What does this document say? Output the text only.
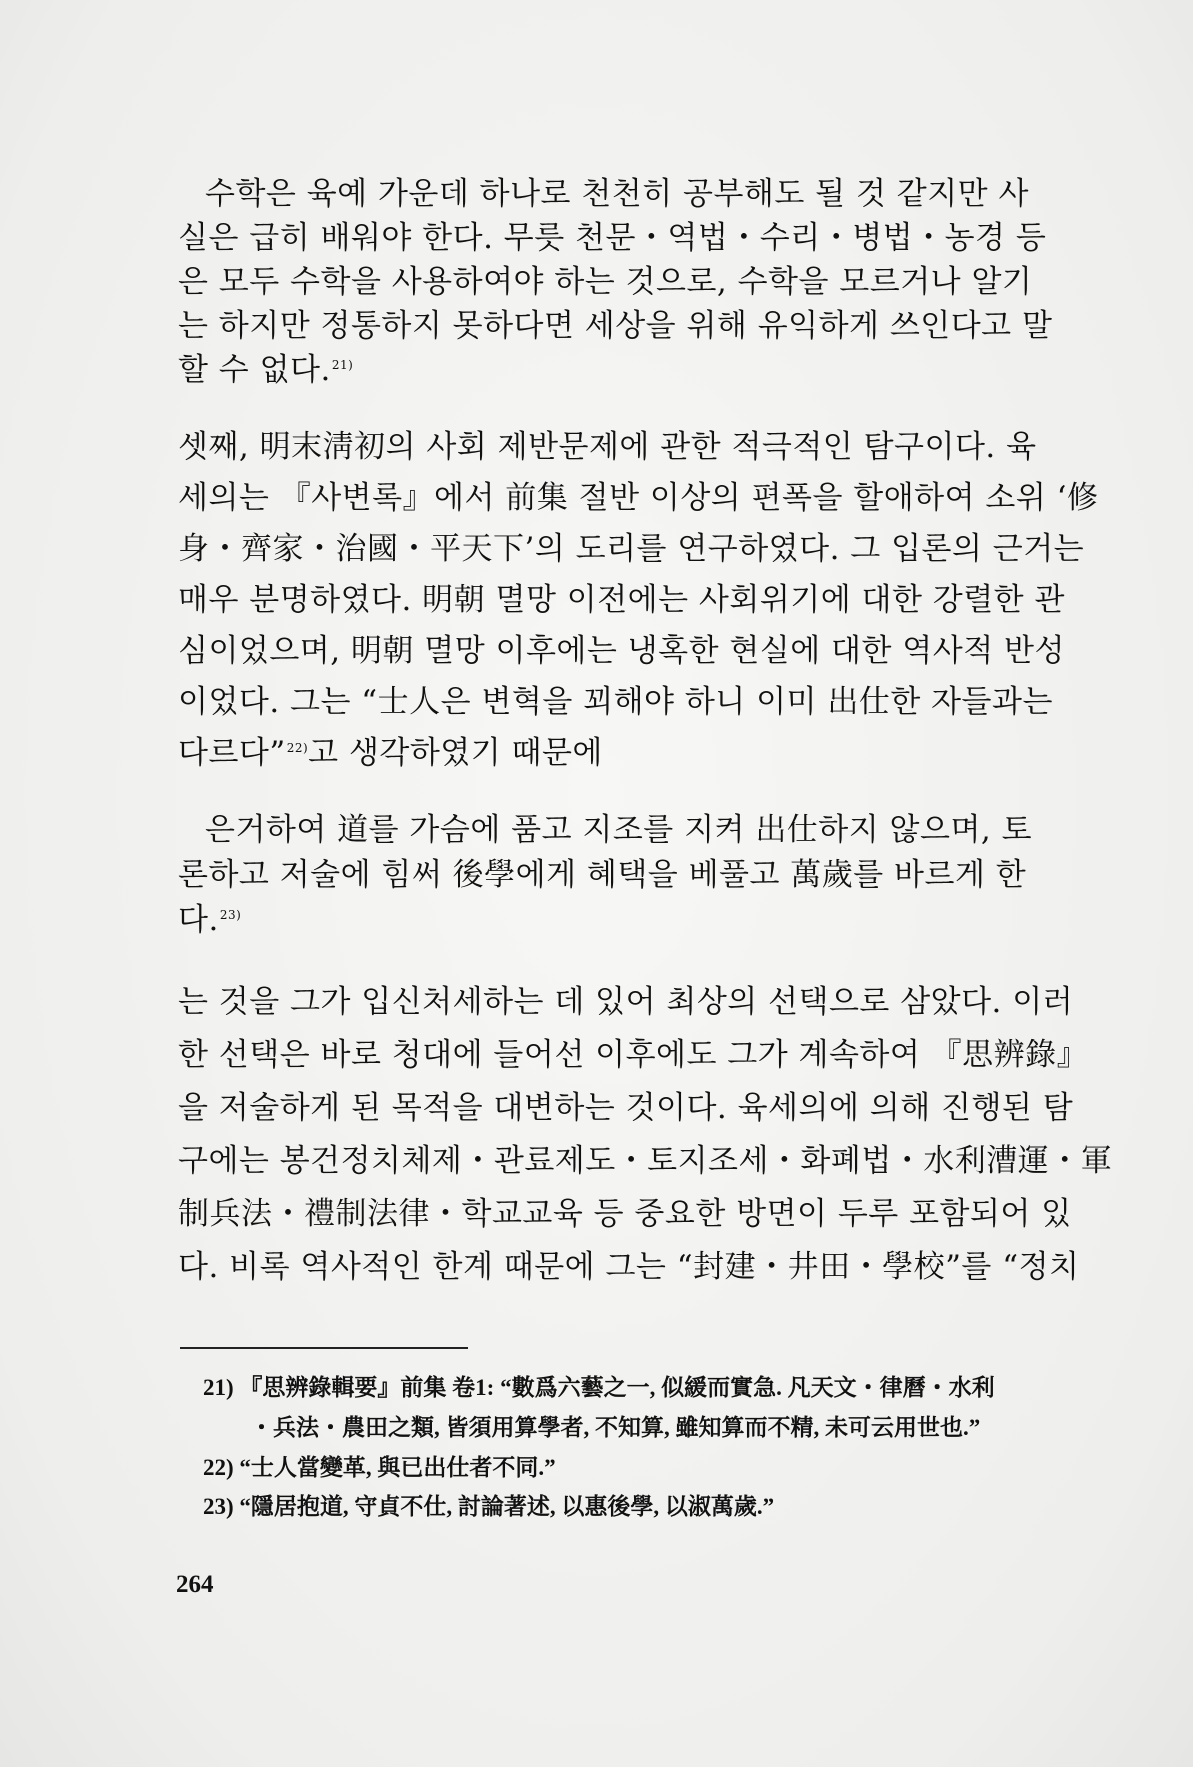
수학은 육예 가운데 하나로 천천히 공부해도 될 것 같지만 사
실은 급히 배워야 한다. 무릇 천문・역법・수리・병법・농경 등
은 모두 수학을 사용하여야 하는 것으로, 수학을 모르거나 알기
는 하지만 정통하지 못하다면 세상을 위해 유익하게 쓰인다고 말
할 수 없다.$^{21)}$
셋째, 明末淸初의 사회 제반문제에 관한 적극적인 탐구이다. 육
세의는 『사변록』에서 前集 절반 이상의 편폭을 할애하여 소위 ‘修
身・齊家・治國・平天下’의 도리를 연구하였다. 그 입론의 근거는
매우 분명하였다. 明朝 멸망 이전에는 사회위기에 대한 강렬한 관
심이었으며, 明朝 멸망 이후에는 냉혹한 현실에 대한 역사적 반성
이었다. 그는 “士人은 변혁을 꾀해야 하니 이미 出仕한 자들과는
다르다”$^{22)}$고 생각하였기 때문에
은거하여 道를 가슴에 품고 지조를 지켜 出仕하지 않으며, 토
론하고 저술에 힘써 後學에게 혜택을 베풀고 萬歲를 바르게 한
다.$^{23)}$
는 것을 그가 입신처세하는 데 있어 최상의 선택으로 삼았다. 이러
한 선택은 바로 청대에 들어선 이후에도 그가 계속하여 『思辨錄』
을 저술하게 된 목적을 대변하는 것이다. 육세의에 의해 진행된 탐
구에는 봉건정치체제・관료제도・토지조세・화폐법・水利漕運・軍
制兵法・禮制法律・학교교육 등 중요한 방면이 두루 포함되어 있
다. 비록 역사적인 한계 때문에 그는 “封建・井田・學校”를 “정치
21) 『思辨錄輯要』前集 卷1: “數爲六藝之一, 似緩而實急. 凡天文・律曆・水利
・兵法・農田之類, 皆須用算學者, 不知算, 雖知算而不精, 未可云用世也.”
22) “士人當變革, 與已出仕者不同.”
23) “隱居抱道, 守貞不仕, 討論著述, 以惠後學, 以淑萬歲.”
264
